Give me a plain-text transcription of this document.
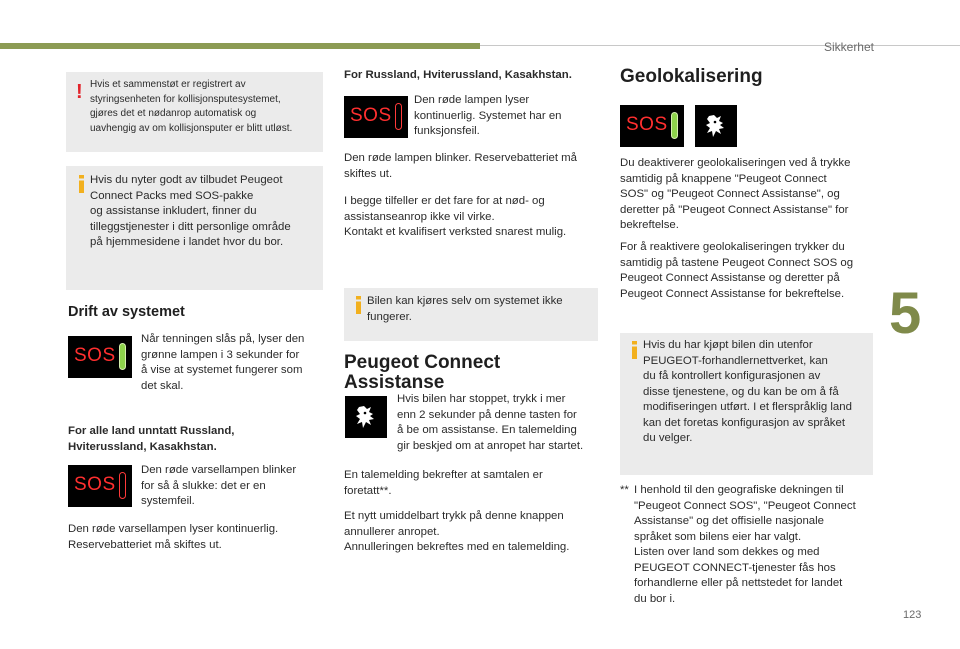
Sikkerhet
5
123
! Hvis et sammenstøt er registrert av
styringsenheten for kollisjonsputesystemet,
gjøres det et nødanrop automatisk og
uavhengig av om kollisjonsputer er blitt utløst.
Hvis du nyter godt av tilbudet Peugeot
Connect Packs med SOS-pakke
og assistanse inkludert, finner du
tilleggstjenester i ditt personlige område
på hjemmesidene i landet hvor du bor.
Drift av systemet
SOS
Når tenningen slås på, lyser den
grønne lampen i 3 sekunder for
å vise at systemet fungerer som
det skal.
For alle land unntatt Russland,
Hviterussland, Kasakhstan.
SOS
Den røde varsellampen blinker
for så å slukke: det er en
systemfeil.
Den røde varsellampen lyser kontinuerlig.
Reservebatteriet må skiftes ut.
For Russland, Hviterussland, Kasakhstan.
SOS
Den røde lampen lyser
kontinuerlig. Systemet har en
funksjonsfeil.
Den røde lampen blinker. Reservebatteriet må
skiftes ut.
I begge tilfeller er det fare for at nød- og
assistanseanrop ikke vil virke.
Kontakt et kvalifisert verksted snarest mulig.
Bilen kan kjøres selv om systemet ikke
fungerer.
Peugeot Connect
Assistanse
Hvis bilen har stoppet, trykk i mer
enn 2 sekunder på denne tasten for
å be om assistanse. En talemelding
gir beskjed om at anropet har startet.
En talemelding bekrefter at samtalen er
foretatt**.
Et nytt umiddelbart trykk på denne knappen
annullerer anropet.
Annulleringen bekreftes med en talemelding.
Geolokalisering
SOS
Du deaktiverer geolokaliseringen ved å trykke
samtidig på knappene "Peugeot Connect
SOS" og "Peugeot Connect Assistanse", og
deretter på "Peugeot Connect Assistanse" for
bekreftelse.
For å reaktivere geolokaliseringen trykker du
samtidig på tastene Peugeot Connect SOS og
Peugeot Connect Assistanse og deretter på
Peugeot Connect Assistanse for bekreftelse.
Hvis du har kjøpt bilen din utenfor
PEUGEOT-forhandlernettverket, kan
du få kontrollert konfigurasjonen av
disse tjenestene, og du kan be om å få
modifiseringen utført. I et flerspråklig land
kan det foretas konfigurasjon av språket
du velger.
** I henhold til den geografiske dekningen til
"Peugeot Connect SOS", "Peugeot Connect
Assistanse" og det offisielle nasjonale
språket som bilens eier har valgt.
Listen over land som dekkes og med
PEUGEOT CONNECT-tjenester fås hos
forhandlerne eller på nettstedet for landet
du bor i.
